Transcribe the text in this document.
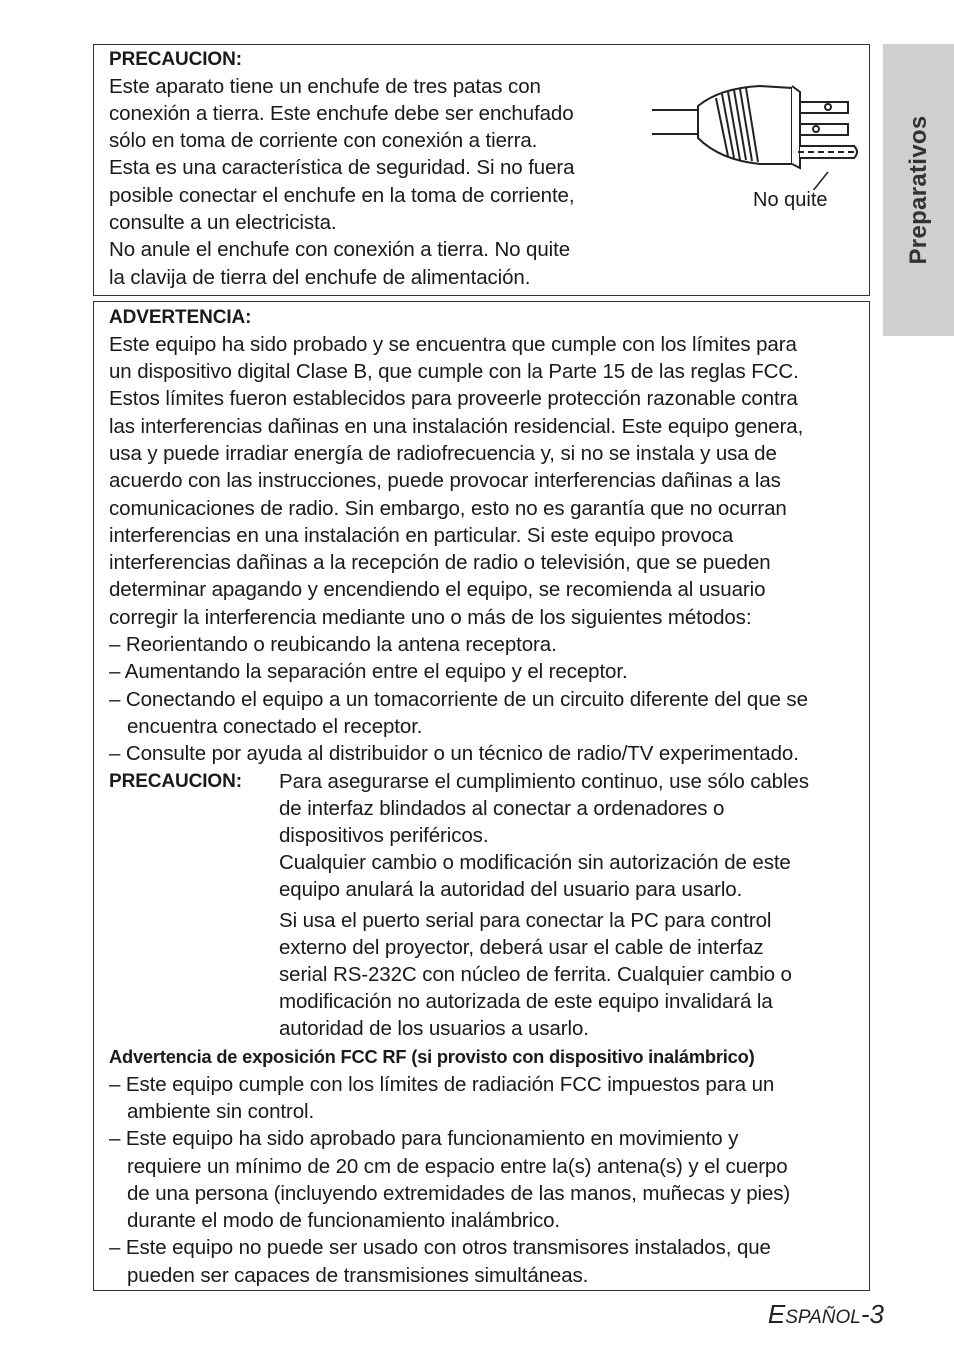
Preparativos
PRECAUCION:
Este aparato tiene un enchufe de tres patas con
conexión a tierra. Este enchufe debe ser enchufado
sólo en toma de corriente con conexión a tierra.
Esta es una característica de seguridad. Si no fuera
posible conectar el enchufe en la toma de corriente,
consulte a un electricista.
No anule el enchufe con conexión a tierra. No quite
la clavija de tierra del enchufe de alimentación.
No quite
ADVERTENCIA:
Este equipo ha sido probado y se encuentra que cumple con los límites para
un dispositivo digital Clase B, que cumple con la Parte 15 de las reglas FCC.
Estos límites fueron establecidos para proveerle protección razonable contra
las interferencias dañinas en una instalación residencial. Este equipo genera,
usa y puede irradiar energía de radiofrecuencia y, si no se instala y usa de
acuerdo con las instrucciones, puede provocar interferencias dañinas a las
comunicaciones de radio. Sin embargo, esto no es garantía que no ocurran
interferencias en una instalación en particular. Si este equipo provoca
interferencias dañinas a la recepción de radio o televisión, que se pueden
determinar apagando y encendiendo el equipo, se recomienda al usuario
corregir la interferencia mediante uno o más de los siguientes métodos:
– Reorientando o reubicando la antena receptora.
– Aumentando la separación entre el equipo y el receptor.
– Conectando el equipo a un tomacorriente de un circuito diferente del que se
encuentra conectado el receptor.
– Consulte por ayuda al distribuidor o un técnico de radio/TV experimentado.
PRECAUCION: Para asegurarse el cumplimiento continuo, use sólo cables
de interfaz blindados al conectar a ordenadores o
dispositivos periféricos.
Cualquier cambio o modificación sin autorización de este
equipo anulará la autoridad del usuario para usarlo.
Si usa el puerto serial para conectar la PC para control
externo del proyector, deberá usar el cable de interfaz
serial RS-232C con núcleo de ferrita. Cualquier cambio o
modificación no autorizada de este equipo invalidará la
autoridad de los usuarios a usarlo.
Advertencia de exposición FCC RF (si provisto con dispositivo inalámbrico)
– Este equipo cumple con los límites de radiación FCC impuestos para un
ambiente sin control.
– Este equipo ha sido aprobado para funcionamiento en movimiento y
requiere un mínimo de 20 cm de espacio entre la(s) antena(s) y el cuerpo
de una persona (incluyendo extremidades de las manos, muñecas y pies)
durante el modo de funcionamiento inalámbrico.
– Este equipo no puede ser usado con otros transmisores instalados, que
pueden ser capaces de transmisiones simultáneas.
ESPAÑOL-3
